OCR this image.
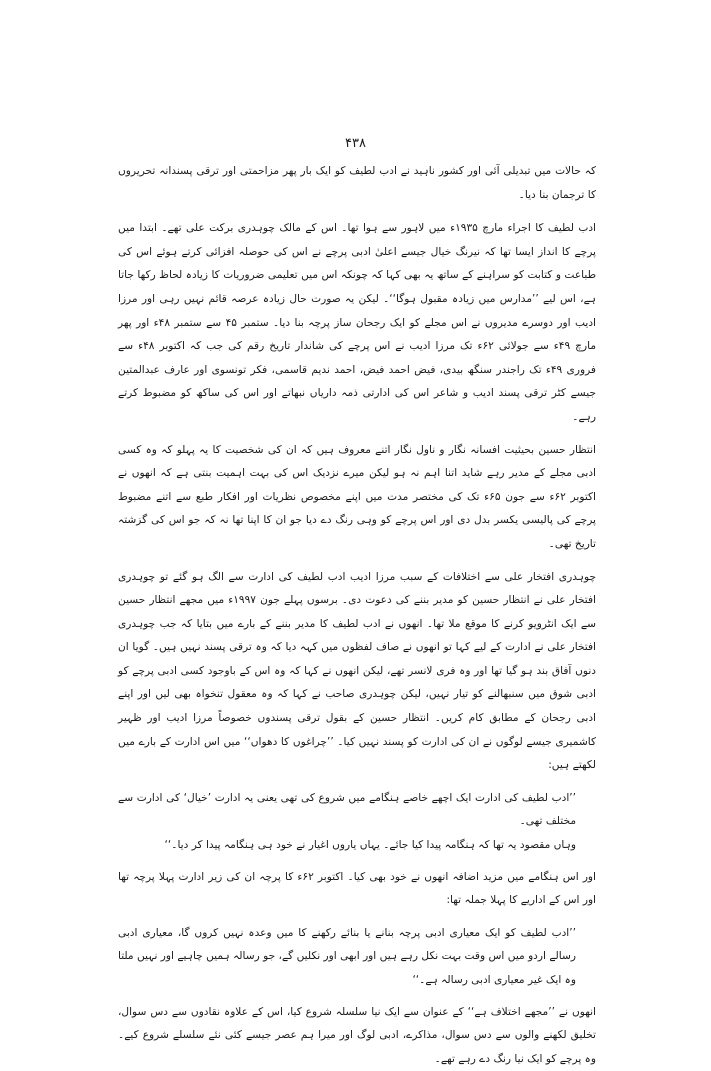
۴۳۸

کہ حالات میں تبدیلی آئی اور کشور ناہید نے ادب لطیف کو ایک بار پھر مزاحمتی اور ترقی پسندانہ تحریروں کا ترجمان بنا دیا۔

ادب لطیف کا اجراء مارچ ۱۹۳۵ء میں لاہور سے ہوا تھا۔ اس کے مالک چوہدری برکت علی تھے۔ ابتدا میں پرچے کا انداز ایسا تھا کہ نیرنگ خیال جیسے اعلیٰ ادبی پرچے نے اس کی حوصلہ افزائی کرتے ہوئے اس کی طباعت و کتابت کو سراہنے کے ساتھ یہ بھی کہا کہ چونکہ اس میں تعلیمی ضروریات کا زیادہ لحاظ رکھا جاتا ہے، اس لیے ’’مدارس میں زیادہ مقبول ہوگا‘‘۔ لیکن یہ صورت حال زیادہ عرصہ قائم نہیں رہی اور مرزا ادیب اور دوسرے مدیروں نے اس مجلے کو ایک رجحان ساز پرچہ بنا دیا۔ ستمبر ۴۵ سے ستمبر ۴۸ء اور پھر مارچ ۴۹ء سے جولائی ۶۲ء تک مرزا ادیب نے اس پرچے کی شاندار تاریخ رقم کی جب کہ اکتوبر ۴۸ء سے فروری ۴۹ء تک راجندر سنگھ بیدی، فیض احمد فیض، احمد ندیم قاسمی، فکر تونسوی اور عارف عبدالمتین جیسے کٹر ترقی پسند ادیب و شاعر اس کی ادارتی ذمہ داریاں نبھاتے اور اس کی ساکھ کو مضبوط کرتے رہے۔

انتظار حسین بحیثیت افسانہ نگار و ناول نگار اتنے معروف ہیں کہ ان کی شخصیت کا یہ پہلو کہ وہ کسی ادبی مجلے کے مدیر رہے شاید اتنا اہم نہ ہو لیکن میرے نزدیک اس کی بہت اہمیت بنتی ہے کہ انھوں نے اکتوبر ۶۲ء سے جون ۶۵ء تک کی مختصر مدت میں اپنے مخصوص نظریات اور افکار طبع سے اتنے مضبوط پرچے کی پالیسی یکسر بدل دی اور اس پرچے کو وہی رنگ دے دیا جو ان کا اپنا تھا نہ کہ جو اس کی گزشتہ تاریخ تھی۔

چوہدری افتخار علی سے اختلافات کے سبب مرزا ادیب ادب لطیف کی ادارت سے الگ ہو گئے تو چوہدری افتخار علی نے انتظار حسین کو مدیر بننے کی دعوت دی۔ برسوں پہلے جون ۱۹۹۷ء میں مجھے انتظار حسین سے ایک انٹرویو کرنے کا موقع ملا تھا۔ انھوں نے ادب لطیف کا مدیر بننے کے بارے میں بتایا کہ جب چوہدری افتخار علی نے ادارت کے لیے کہا تو انھوں نے صاف لفظوں میں کہہ دیا کہ وہ ترقی پسند نہیں ہیں۔ گویا ان دنوں آفاق بند ہو گیا تھا اور وہ فری لانسر تھے، لیکن انھوں نے کہا کہ وہ اس کے باوجود کسی ادبی پرچے کو ادبی شوق میں سنبھالنے کو تیار نہیں، لیکن چوہدری صاحب نے کہا کہ وہ معقول تنخواہ بھی لیں اور اپنے ادبی رجحان کے مطابق کام کریں۔ انتظار حسین کے بقول ترقی پسندوں خصوصاً مرزا ادیب اور ظہیر کاشمیری جیسے لوگوں نے ان کی ادارت کو پسند نہیں کیا۔ ’’چراغوں کا دھواں‘‘ میں اس ادارت کے بارے میں لکھتے ہیں:

’’ادب لطیف کی ادارت ایک اچھے خاصے ہنگامے میں شروع کی تھی یعنی یہ ادارت ’خیال‘ کی ادارت سے مختلف تھی۔

وہاں مقصود یہ تھا کہ ہنگامہ پیدا کیا جائے۔ یہاں یاروں اغیار نے خود ہی ہنگامہ پیدا کر دیا۔‘‘

اور اس ہنگامے میں مزید اضافہ انھوں نے خود بھی کیا۔ اکتوبر ۶۲ء کا پرچہ ان کی زیر ادارت پہلا پرچہ تھا اور اس کے اداریے کا پہلا جملہ تھا:

’’ادب لطیف کو ایک معیاری ادبی پرچہ بنانے یا بنائے رکھنے کا میں وعدہ نہیں کروں گا، معیاری ادبی رسالے اردو میں اس وقت بہت نکل رہے ہیں اور ابھی اور نکلیں گے، جو رسالہ ہمیں چاہیے اور نہیں ملتا وہ ایک غیر معیاری ادبی رسالہ ہے۔‘‘

انھوں نے ’’مجھے اختلاف ہے‘‘ کے عنوان سے ایک نیا سلسلہ شروع کیا، اس کے علاوہ نقادوں سے دس سوال، تخلیق لکھنے والوں سے دس سوال، مذاکرے، ادبی لوگ اور میرا ہم عصر جیسے کئی نئے سلسلے شروع کیے۔ وہ پرچے کو ایک نیا رنگ دے رہے تھے۔
